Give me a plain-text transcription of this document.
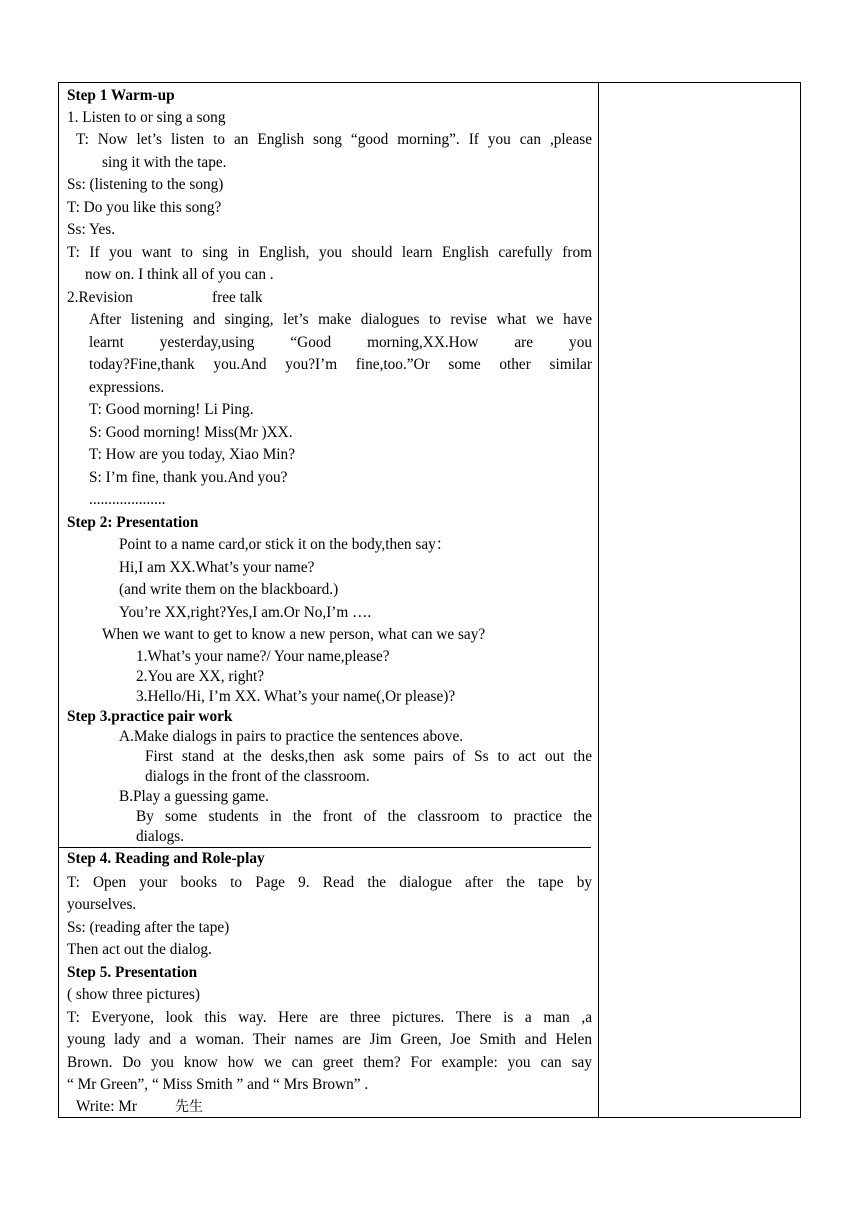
Step 1 Warm-up
1. Listen to or sing a song
T: Now let’s listen to an English song “good morning”. If you can ,please
sing it with the tape.
Ss: (listening to the song)
T: Do you like this song?
Ss: Yes.
T: If you want to sing in English, you should learn English carefully from
now on. I think all of you can .
2.Revision	free talk
After listening and singing, let’s make dialogues to revise what we have
learnt yesterday,using “Good morning,XX.How are you
today?Fine,thank you.And you?I’m fine,too.”Or some other similar
expressions.
T: Good morning! Li Ping.
S: Good morning! Miss(Mr )XX.
T: How are you today, Xiao Min?
S: I’m fine, thank you.And you?
....................
Step 2: Presentation
Point to a name card,or stick it on the body,then say：
Hi,I am XX.What’s your name?
(and write them on the blackboard.)
You’re XX,right?Yes,I am.Or No,I’m ….
When we want to get to know a new person, what can we say?
1.What’s your name?/ Your name,please?
2.You are XX, right?
3.Hello/Hi, I’m XX. What’s your name(,Or please)?
Step 3.practice pair work
A.Make dialogs in pairs to practice the sentences above.
First stand at the desks,then ask some pairs of Ss to act out the
dialogs in the front of the classroom.
B.Play a guessing game.
By some students in the front of the classroom to practice the
dialogs.
Step 4. Reading and Role-play
T: Open your books to Page 9. Read the dialogue after the tape by
yourselves.
Ss: (reading after the tape)
Then act out the dialog.
Step 5. Presentation
( show three pictures)
T: Everyone, look this way. Here are three pictures. There is a man ,a
young lady and a woman. Their names are Jim Green, Joe Smith and Helen
Brown. Do you know how we can greet them? For example: you can say
“ Mr Green”, “ Miss Smith ” and “ Mrs Brown” .
Write: Mr	先生
